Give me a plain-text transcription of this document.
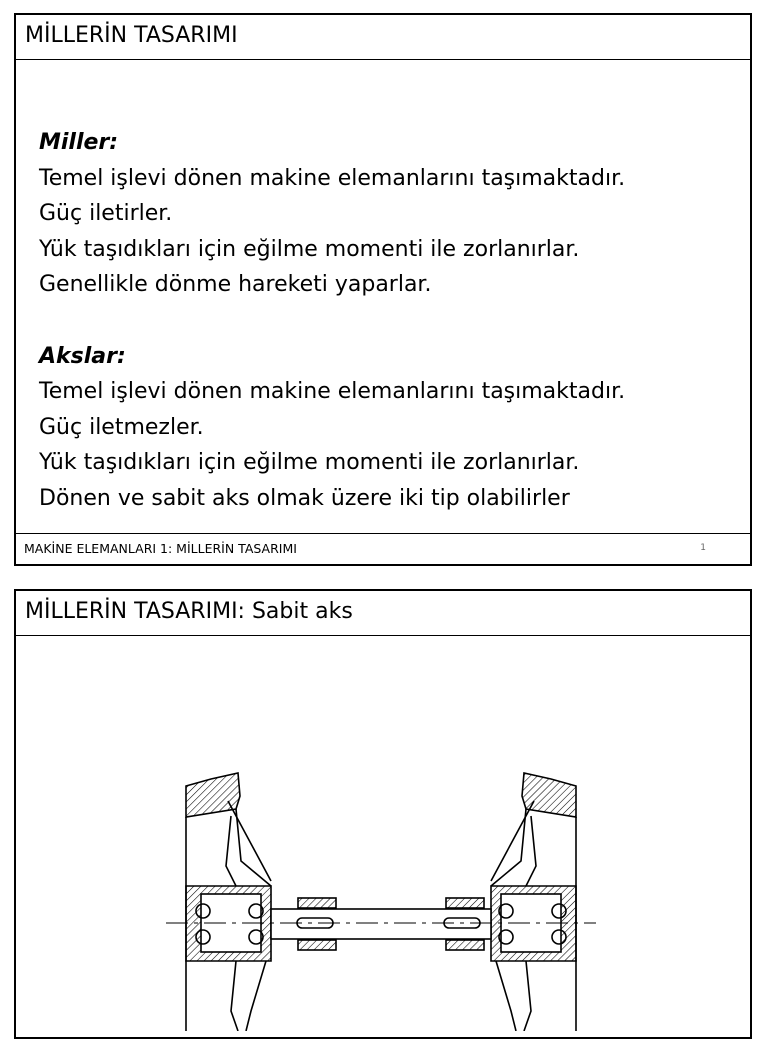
MİLLERİN TASARIMI
Miller:
Temel işlevi dönen makine elemanlarını taşımaktadır.
Güç iletirler.
Yük taşıdıkları için eğilme momenti ile zorlanırlar.
Genellikle dönme hareketi yaparlar.
Akslar:
Temel işlevi dönen makine elemanlarını taşımaktadır.
Güç iletmezler.
Yük taşıdıkları için eğilme momenti ile zorlanırlar.
Dönen ve sabit aks olmak üzere iki tip olabilirler
MAKİNE ELEMANLARI 1: MİLLERİN TASARIMI	1
MİLLERİN TASARIMI: Sabit aks
